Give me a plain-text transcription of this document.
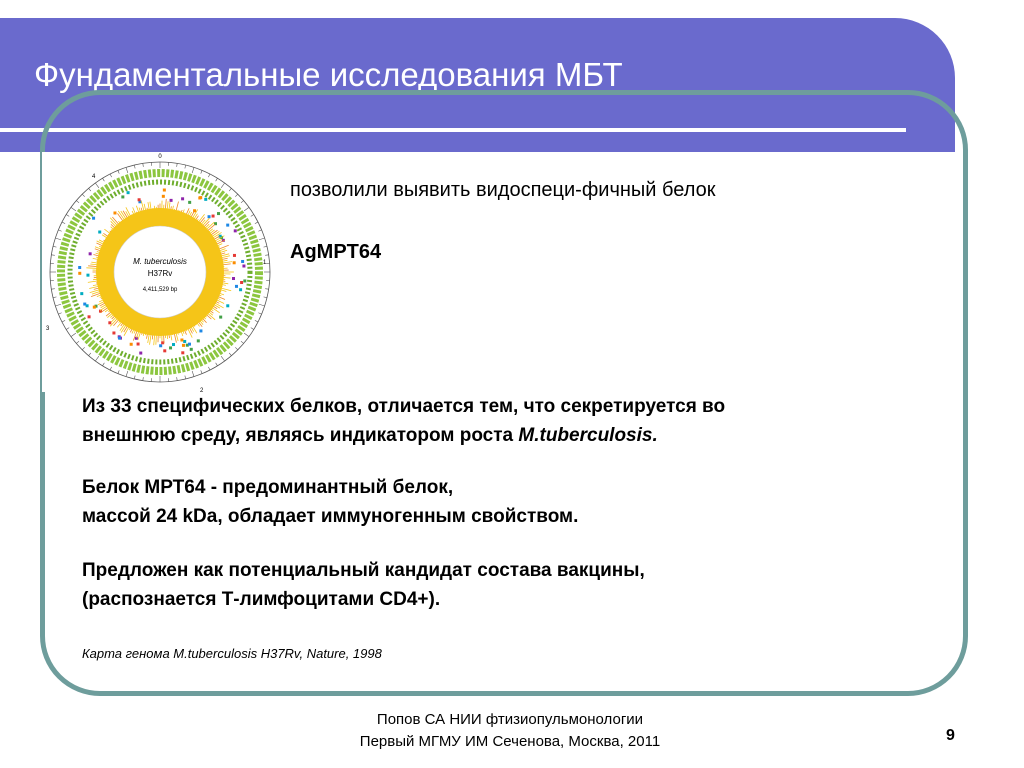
Фундаментальные исследования МБТ
M. tuberculosis
H37Rv
4,411,529 bp
0
1
2
3
4
позволили выявить видоспеци-фичный белок
AgMPT64
Из 33 специфических белков, отличается тем, что секретируется во
внешнюю среду, являясь индикатором роста M.tuberculosis.
Белок МРТ64 - предоминантный белок,
массой 24 kDa, обладает иммуногенным свойством.
Предложен как потенциальный кандидат состава вакцины,
(распознается Т-лимфоцитами CD4+).
Карта генома M.tuberculosis H37Rv, Nature, 1998
Попов СА НИИ фтизиопульмонологии
Первый МГМУ ИМ Сеченова, Москва, 2011	9
